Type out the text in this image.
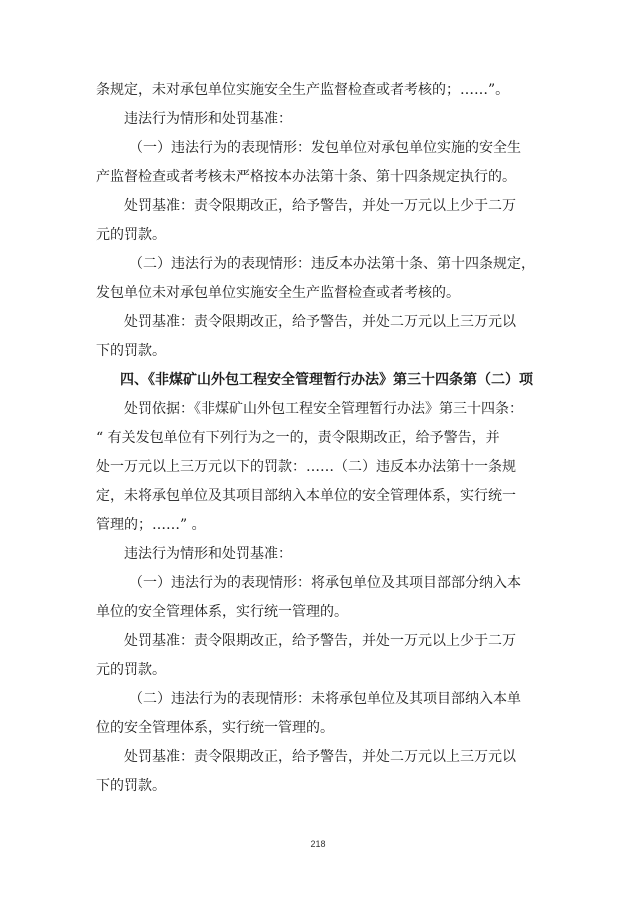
条规定，未对承包单位实施安全生产监督检查或者考核的；……”。
违法行为情形和处罚基准：
（一）违法行为的表现情形：发包单位对承包单位实施的安全生
产监督检查或者考核未严格按本办法第十条、第十四条规定执行的。
处罚基准：责令限期改正，给予警告，并处一万元以上少于二万
元的罚款。
（二）违法行为的表现情形：违反本办法第十条、第十四条规定，
发包单位未对承包单位实施安全生产监督检查或者考核的。
处罚基准：责令限期改正，给予警告，并处二万元以上三万元以
下的罚款。
四、《非煤矿山外包工程安全管理暂行办法》第三十四条第（二）项
处罚依据：《非煤矿山外包工程安全管理暂行办法》第三十四条：
“ 有关发包单位有下列行为之一的，责令限期改正，给予警告，并
处一万元以上三万元以下的罚款：……（二）违反本办法第十一条规
定，未将承包单位及其项目部纳入本单位的安全管理体系，实行统一
管理的；……” 。
违法行为情形和处罚基准：
（一）违法行为的表现情形：将承包单位及其项目部部分纳入本
单位的安全管理体系，实行统一管理的。
处罚基准：责令限期改正，给予警告，并处一万元以上少于二万
元的罚款。
（二）违法行为的表现情形：未将承包单位及其项目部纳入本单
位的安全管理体系，实行统一管理的。
处罚基准：责令限期改正，给予警告，并处二万元以上三万元以
下的罚款。
218
